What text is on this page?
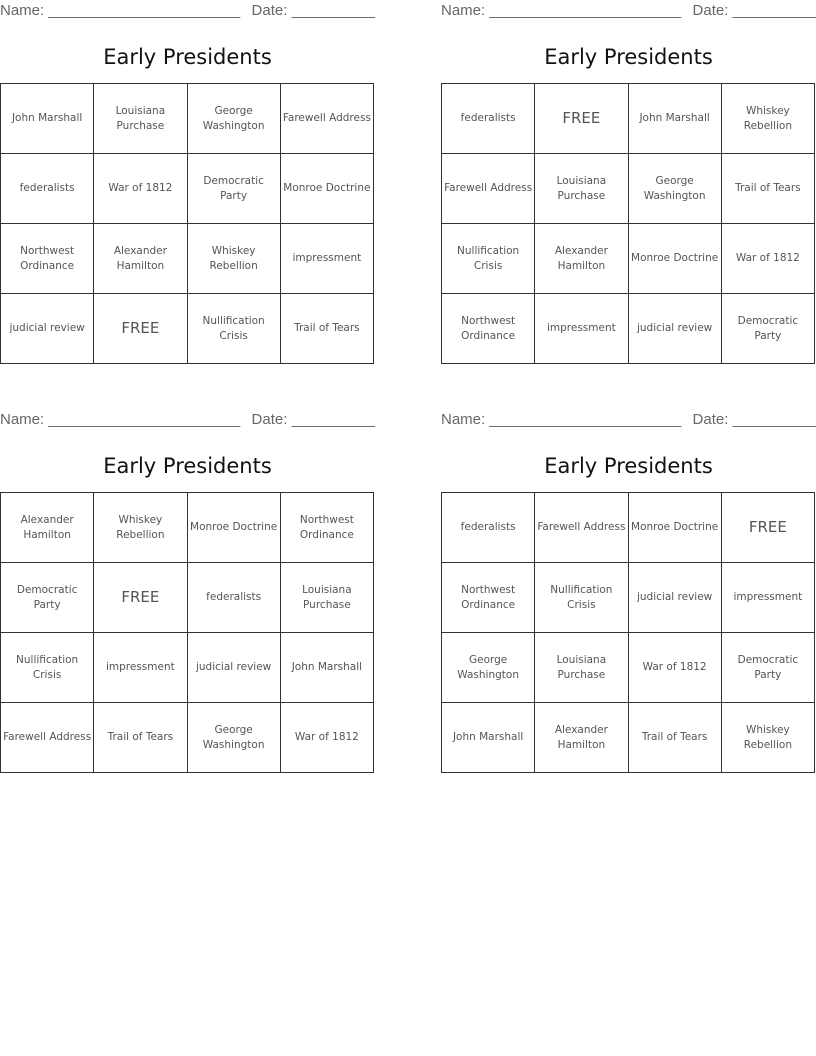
Name: _______________________ Date: __________
Early Presidents
John Marshall	Louisiana Purchase	George Washington	Farewell Address
federalists	War of 1812	Democratic Party	Monroe Doctrine
Northwest Ordinance	Alexander Hamilton	Whiskey Rebellion	impressment
judicial review	FREE	Nullification Crisis	Trail of Tears
Name: _______________________ Date: __________
Early Presidents
federalists	FREE	John Marshall	Whiskey Rebellion
Farewell Address	Louisiana Purchase	George Washington	Trail of Tears
Nullification Crisis	Alexander Hamilton	Monroe Doctrine	War of 1812
Northwest Ordinance	impressment	judicial review	Democratic Party
Name: _______________________ Date: __________
Early Presidents
Alexander Hamilton	Whiskey Rebellion	Monroe Doctrine	Northwest Ordinance
Democratic Party	FREE	federalists	Louisiana Purchase
Nullification Crisis	impressment	judicial review	John Marshall
Farewell Address	Trail of Tears	George Washington	War of 1812
Name: _______________________ Date: __________
Early Presidents
federalists	Farewell Address	Monroe Doctrine	FREE
Northwest Ordinance	Nullification Crisis	judicial review	impressment
George Washington	Louisiana Purchase	War of 1812	Democratic Party
John Marshall	Alexander Hamilton	Trail of Tears	Whiskey Rebellion
